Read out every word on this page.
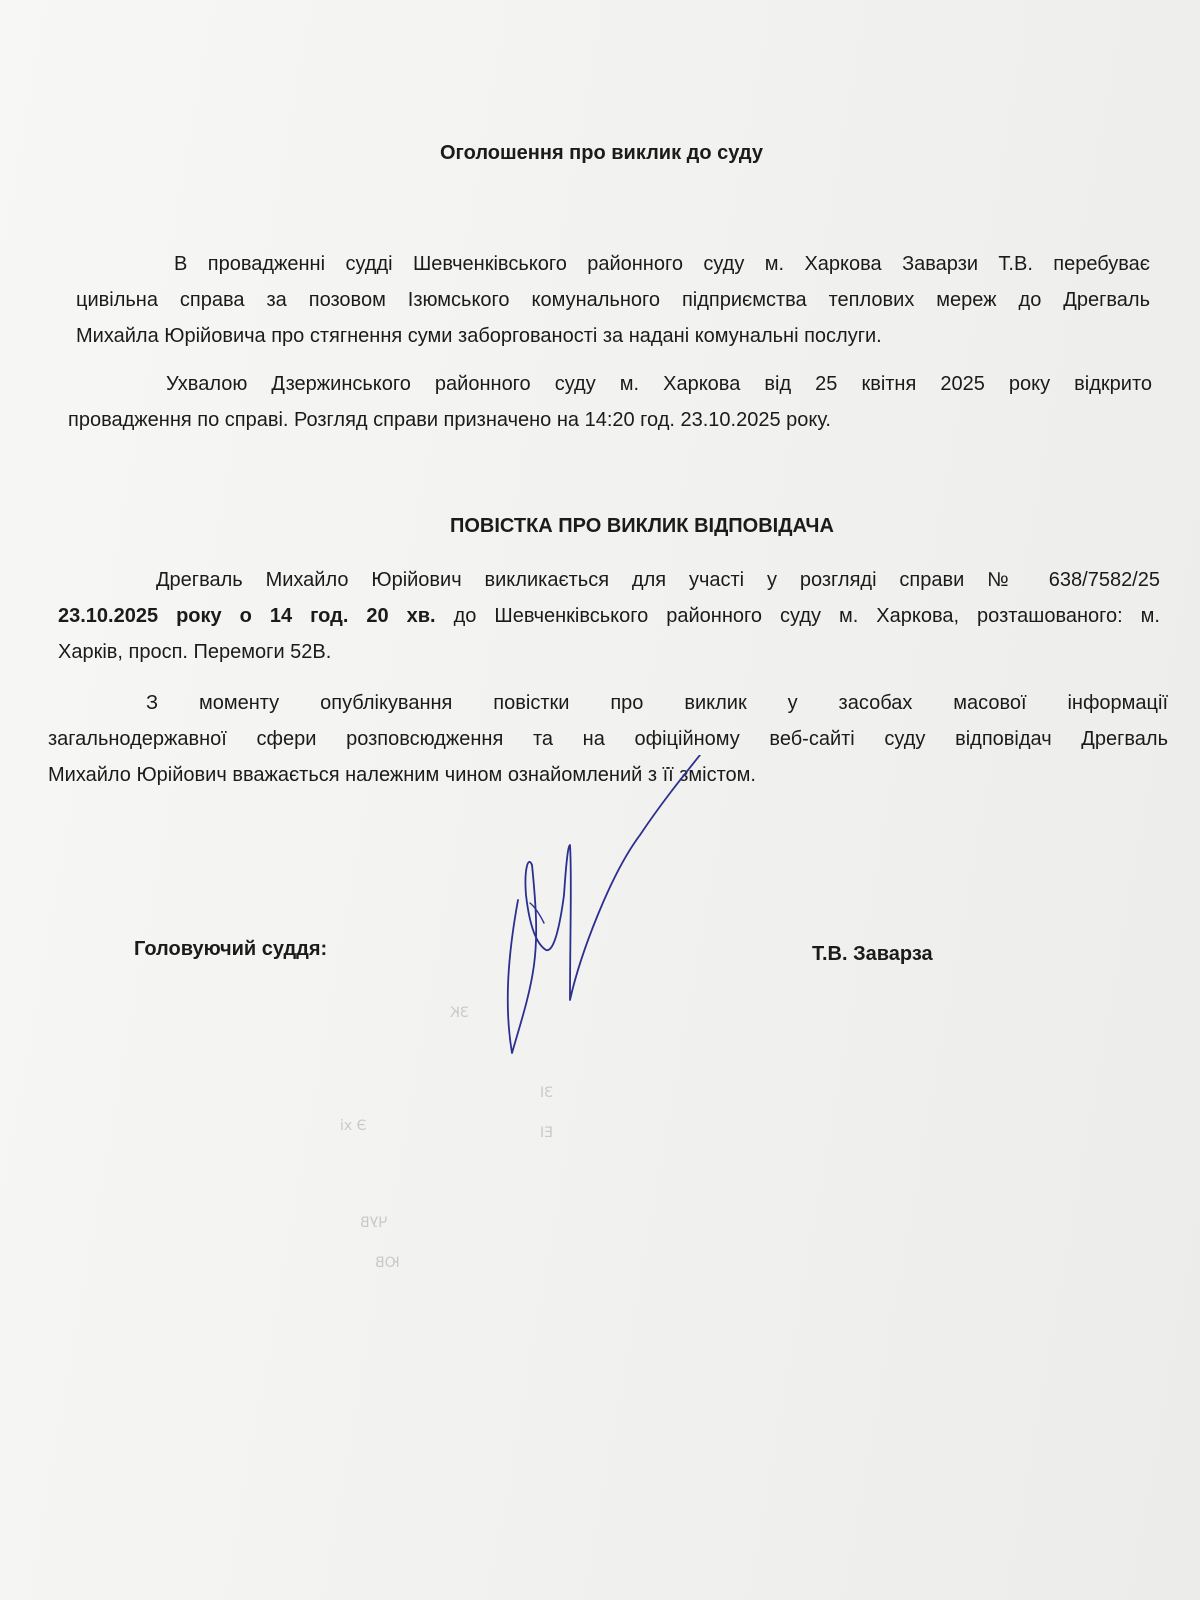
ЗК
Э хі
ЧУВ
ЮВ
ЗІ
ЕІ
Оголошення про виклик до суду
В провадженні судді Шевченківського районного суду м. Харкова Заварзи Т.В. перебуває
цивільна справа за позовом Ізюмського комунального підприємства теплових мереж до Дрегваль
Михайла Юрійовича про стягнення суми заборгованості за надані комунальні послуги.
Ухвалою Дзержинського районного суду м. Харкова від 25 квітня 2025 року відкрито
провадження по справі. Розгляд справи призначено на 14:20 год. 23.10.2025 року.
ПОВІСТКА ПРО ВИКЛИК ВІДПОВІДАЧА
Дрегваль Михайло Юрійович викликається для участі у розгляді справи № 638/7582/25
23.10.2025 року о 14 год. 20 хв. до Шевченківського районного суду м. Харкова, розташованого: м.
Харків, просп. Перемоги 52В.
З моменту опублікування повістки про виклик у засобах масової інформації
загальнодержавної сфери розповсюдження та на офіційному веб-сайті суду відповідач Дрегваль
Михайло Юрійович вважається належним чином ознайомлений з її змістом.
Головуючий суддя:	Т.В. Заварза
